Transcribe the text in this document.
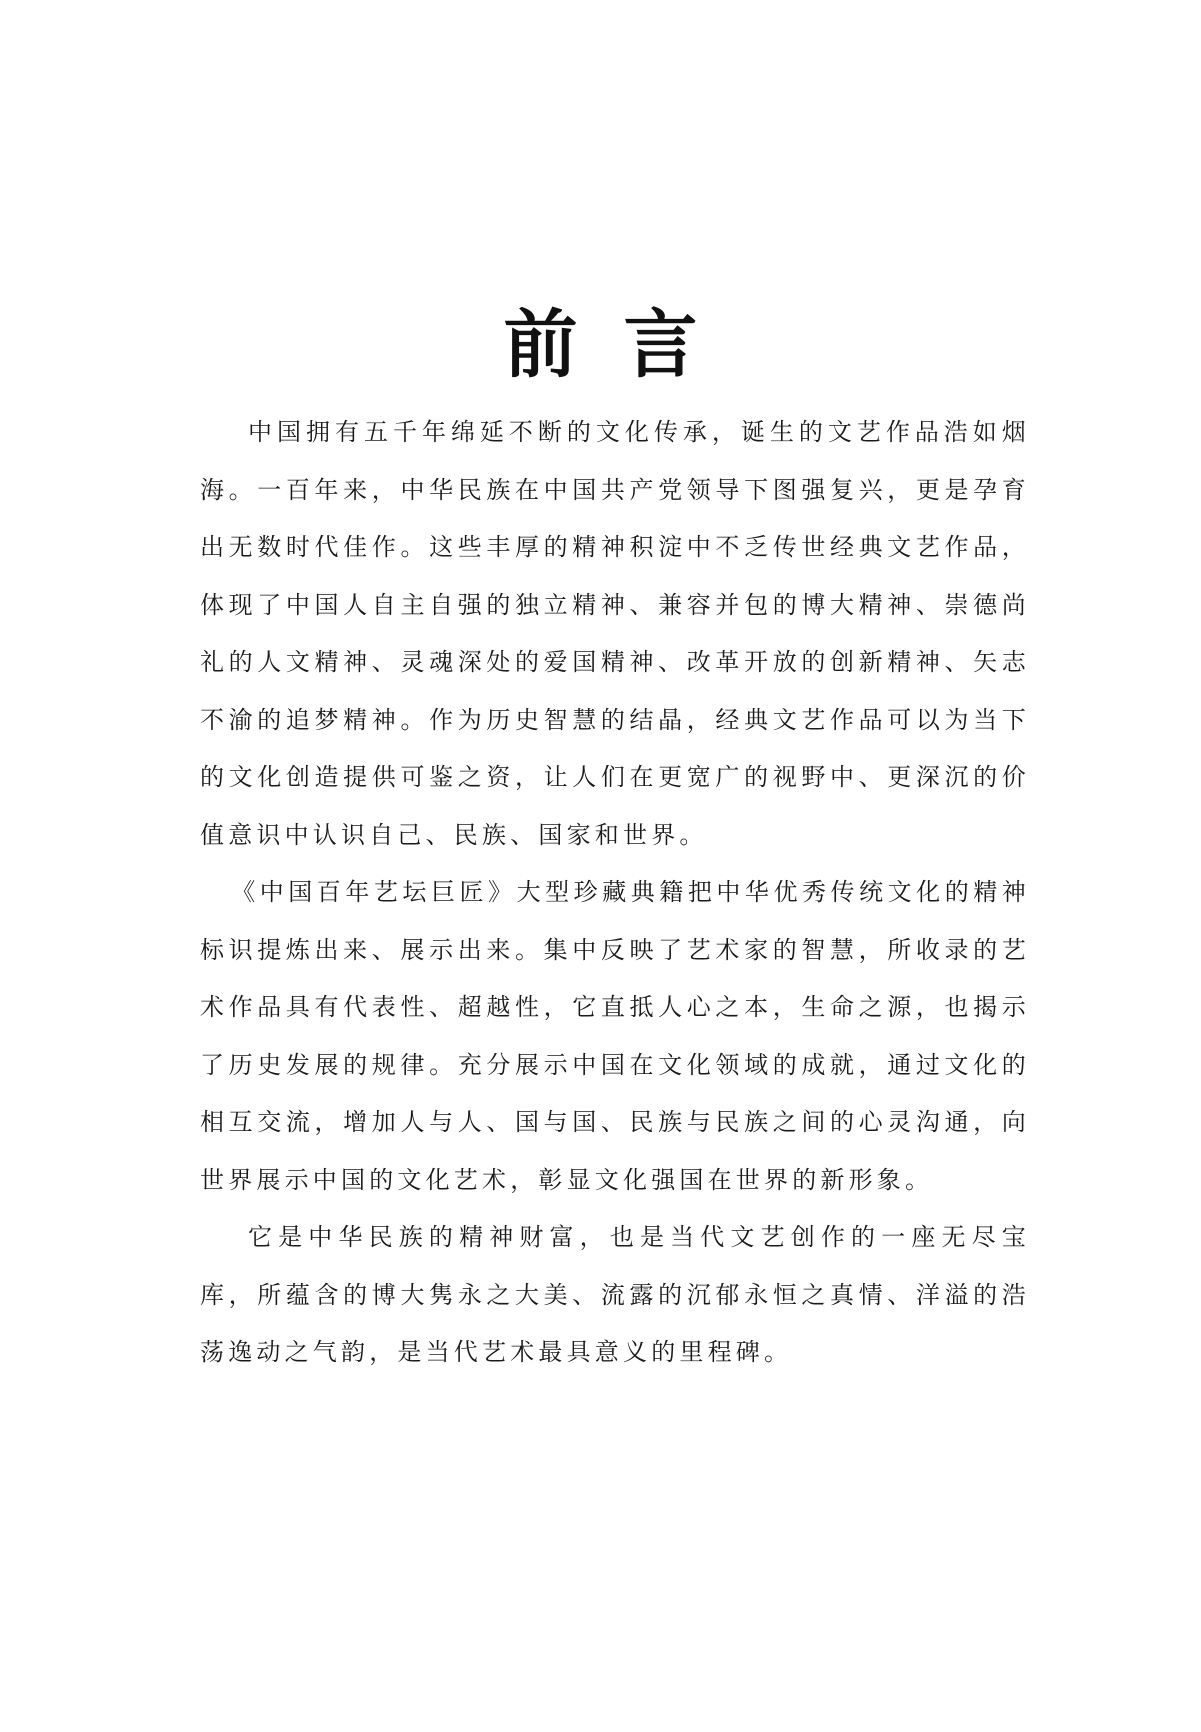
前言

中国拥有五千年绵延不断的文化传承，诞生的文艺作品浩如烟海。一百年来，中华民族在中国共产党领导下图强复兴，更是孕育出无数时代佳作。这些丰厚的精神积淀中不乏传世经典文艺作品，体现了中国人自主自强的独立精神、兼容并包的博大精神、崇德尚礼的人文精神、灵魂深处的爱国精神、改革开放的创新精神、矢志不渝的追梦精神。作为历史智慧的结晶，经典文艺作品可以为当下的文化创造提供可鉴之资，让人们在更宽广的视野中、更深沉的价值意识中认识自己、民族、国家和世界。

《中国百年艺坛巨匠》大型珍藏典籍把中华优秀传统文化的精神标识提炼出来、展示出来。集中反映了艺术家的智慧，所收录的艺术作品具有代表性、超越性，它直抵人心之本，生命之源，也揭示了历史发展的规律。充分展示中国在文化领域的成就，通过文化的相互交流，增加人与人、国与国、民族与民族之间的心灵沟通，向世界展示中国的文化艺术，彰显文化强国在世界的新形象。

它是中华民族的精神财富，也是当代文艺创作的一座无尽宝库，所蕴含的博大隽永之大美、流露的沉郁永恒之真情、洋溢的浩荡逸动之气韵，是当代艺术最具意义的里程碑。
